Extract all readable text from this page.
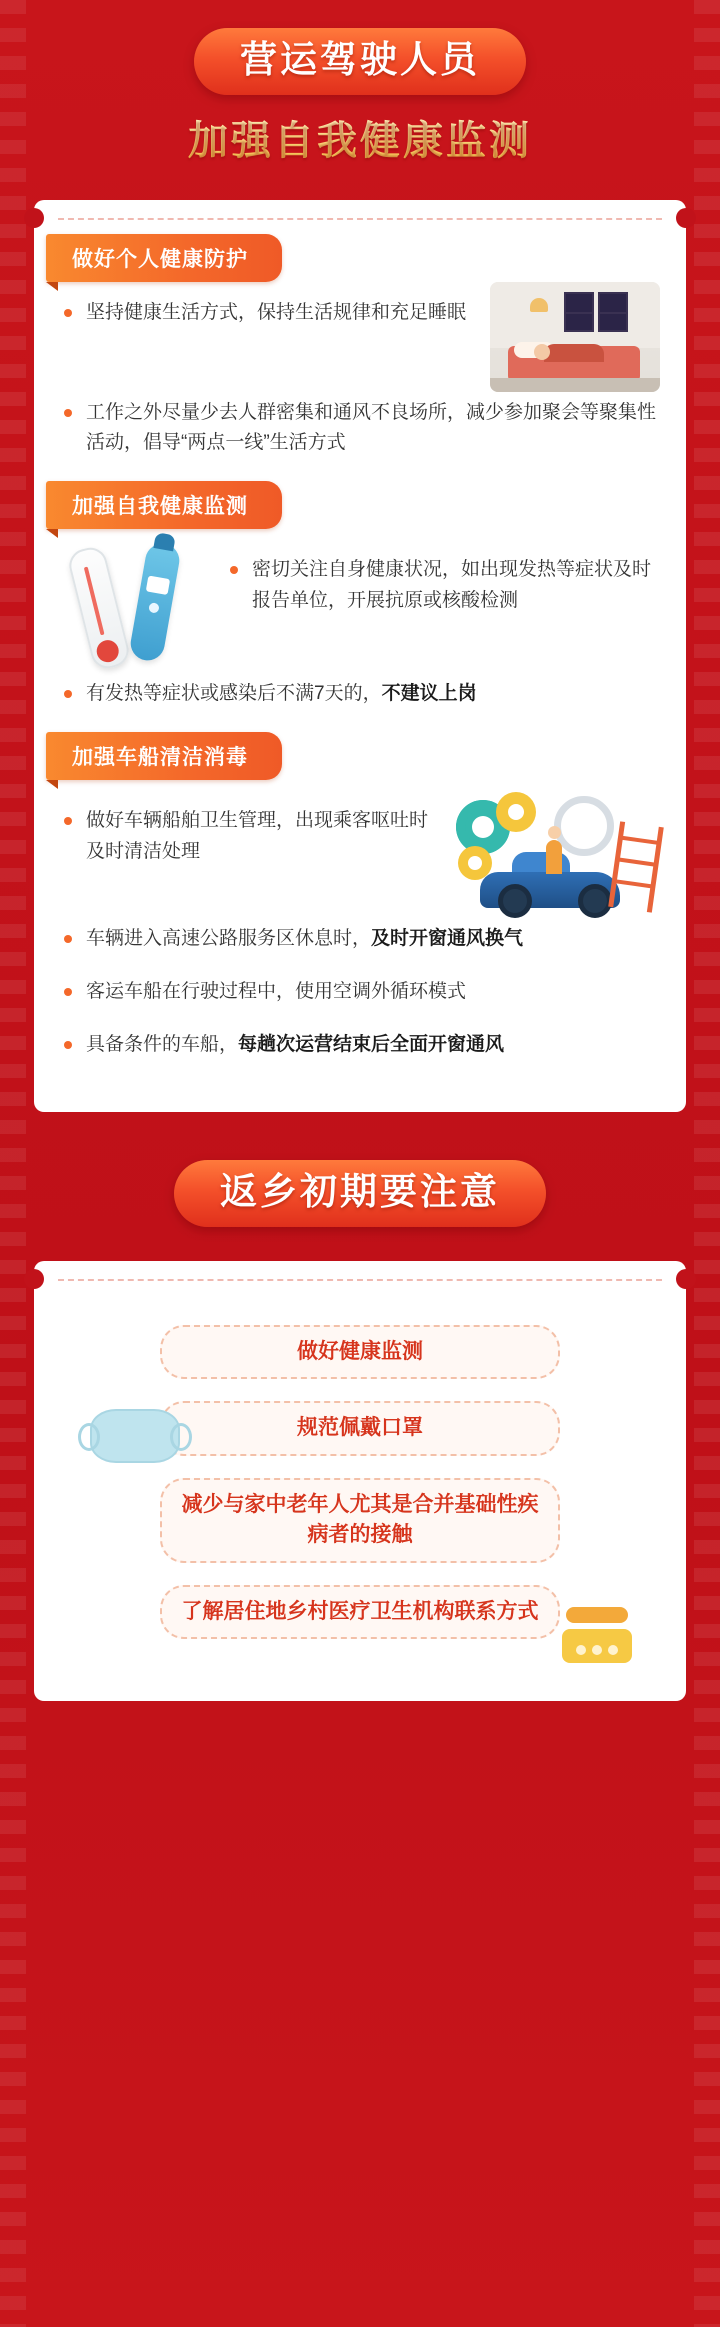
营运驾驶人员
加强自我健康监测
做好个人健康防护
坚持健康生活方式，保持生活规律和充足睡眠
工作之外尽量少去人群密集和通风不良场所，减少参加聚会等聚集性活动，倡导“两点一线”生活方式
加强自我健康监测
密切关注自身健康状况，如出现发热等症状及时报告单位，开展抗原或核酸检测
有发热等症状或感染后不满7天的，不建议上岗
加强车船清洁消毒
做好车辆船舶卫生管理，出现乘客呕吐时及时清洁处理
车辆进入高速公路服务区休息时，及时开窗通风换气
客运车船在行驶过程中，使用空调外循环模式
具备条件的车船，每趟次运营结束后全面开窗通风
返乡初期要注意
做好健康监测
规范佩戴口罩
减少与家中老年人尤其是合并基础性疾病者的接触
了解居住地乡村医疗卫生机构联系方式
